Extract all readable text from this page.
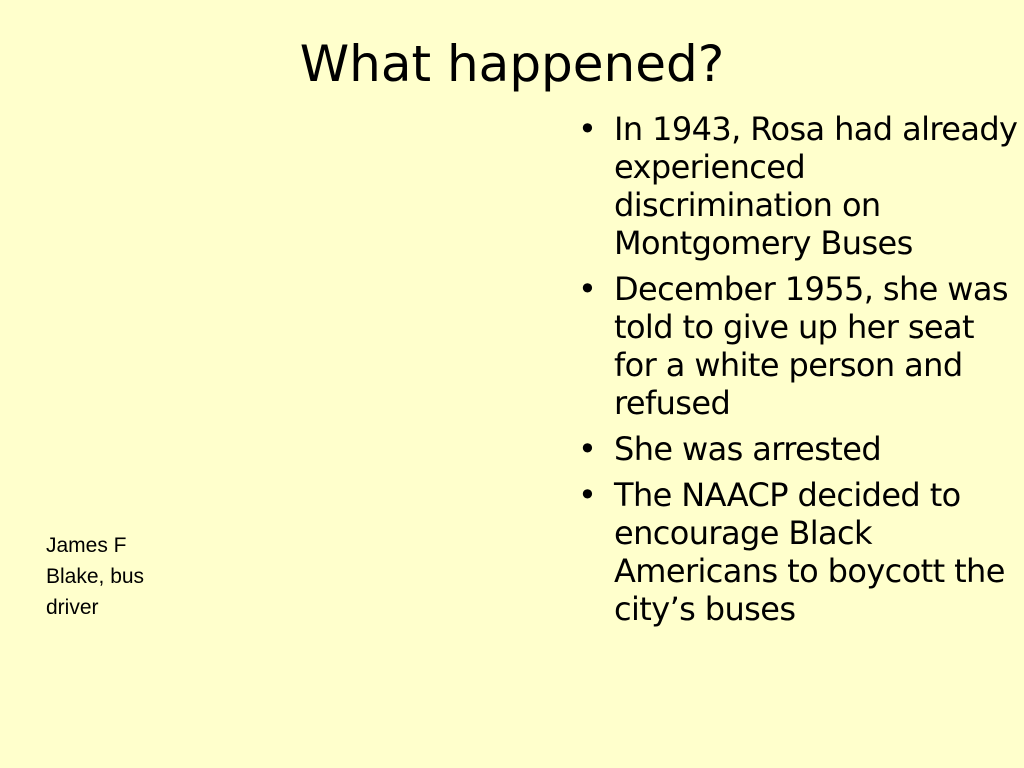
What happened?
• In 1943, Rosa had already experienced discrimination on Montgomery Buses
• December 1955, she was told to give up her seat for a white person and refused
• She was arrested
• The NAACP decided to encourage Black Americans to boycott the city’s buses
James F Blake, bus driver
